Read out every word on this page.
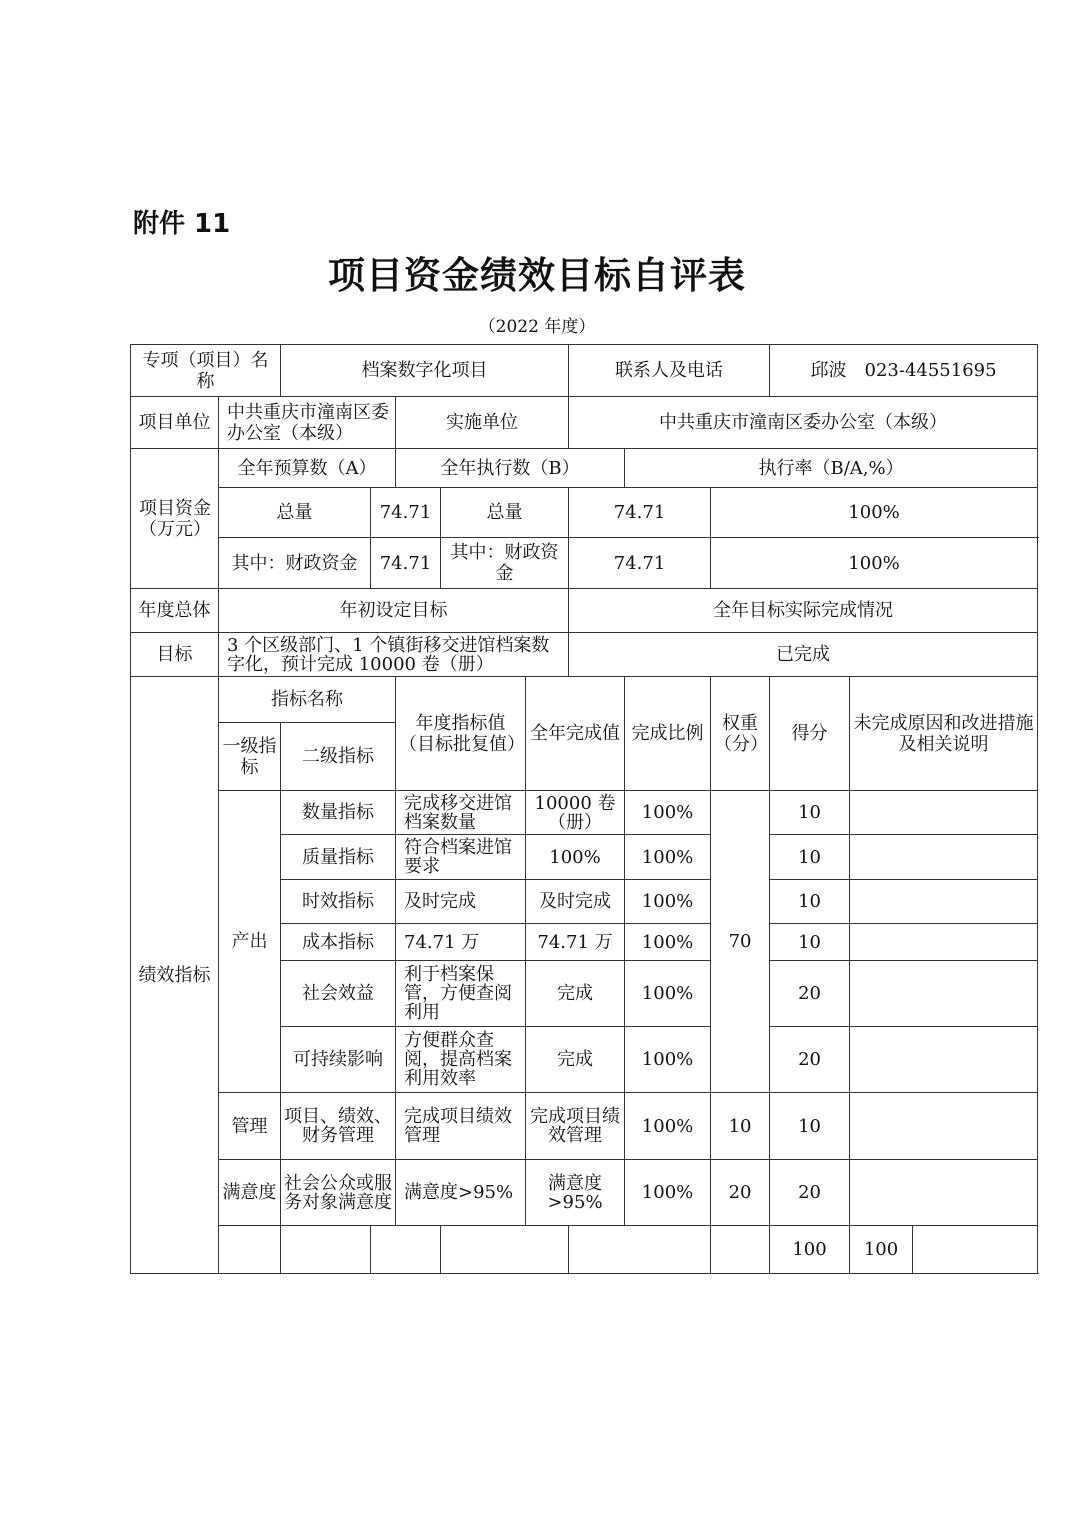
附件 11
项目资金绩效目标自评表
（2022 年度）
专项（项目）名称		档案数字化项目					联系人及电话			邱波　023-44551695		
项目单位	中共重庆市潼南区委办公室（本级）			实施单位			中共重庆市潼南区委办公室（本级）					
项目资金（万元）	全年预算数（A）			全年执行数（B）				执行率（B/A,%）				
	总量		74.71		总量		74.71		100%			
	其中：财政资金		74.71		其中：财政资金		74.71		100%			
年度总体	年初设定目标						全年目标实际完成情况					
目标	3 个区级部门、1 个镇街移交进馆档案数字化，预计完成 10000 卷（册）						已完成					
绩效指标	指标名称			年度指标值（目标批复值）		全年完成值		完成比例	权重（分）	得分	未完成原因和改进措施及相关说明	
	一级指标	二级指标										
	产出	数量指标		完成移交进馆档案数量		10000 卷（册）		100%	70	10		
		质量指标		符合档案进馆要求		100%		100%		10		
		时效指标		及时完成		及时完成		100%		10		
		成本指标		74.71 万		74.71 万		100%		10		
		社会效益		利于档案保管，方便查阅利用		完成		100%		20		
		可持续影响		方便群众查阅，提高档案利用效率		完成		100%		20		
	管理	项目、绩效、财务管理		完成项目绩效管理		完成项目绩效管理		100%	10	10		
	满意度	社会公众或服务对象满意度		满意度>95%		满意度>95%		100%	20	20		
										100	100	
